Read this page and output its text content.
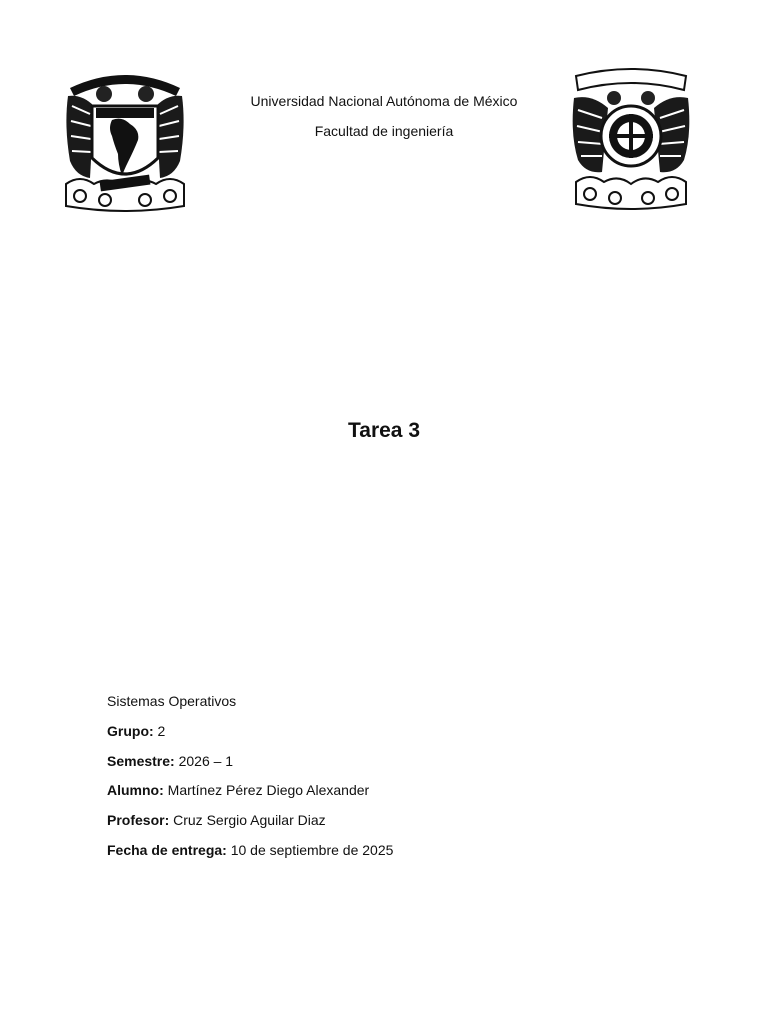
Universidad Nacional Autónoma de México
Facultad de ingeniería
Tarea 3
Sistemas Operativos
Grupo: 2
Semestre: 2026 – 1
Alumno: Martínez Pérez Diego Alexander
Profesor: Cruz Sergio Aguilar Diaz
Fecha de entrega: 10 de septiembre de 2025
